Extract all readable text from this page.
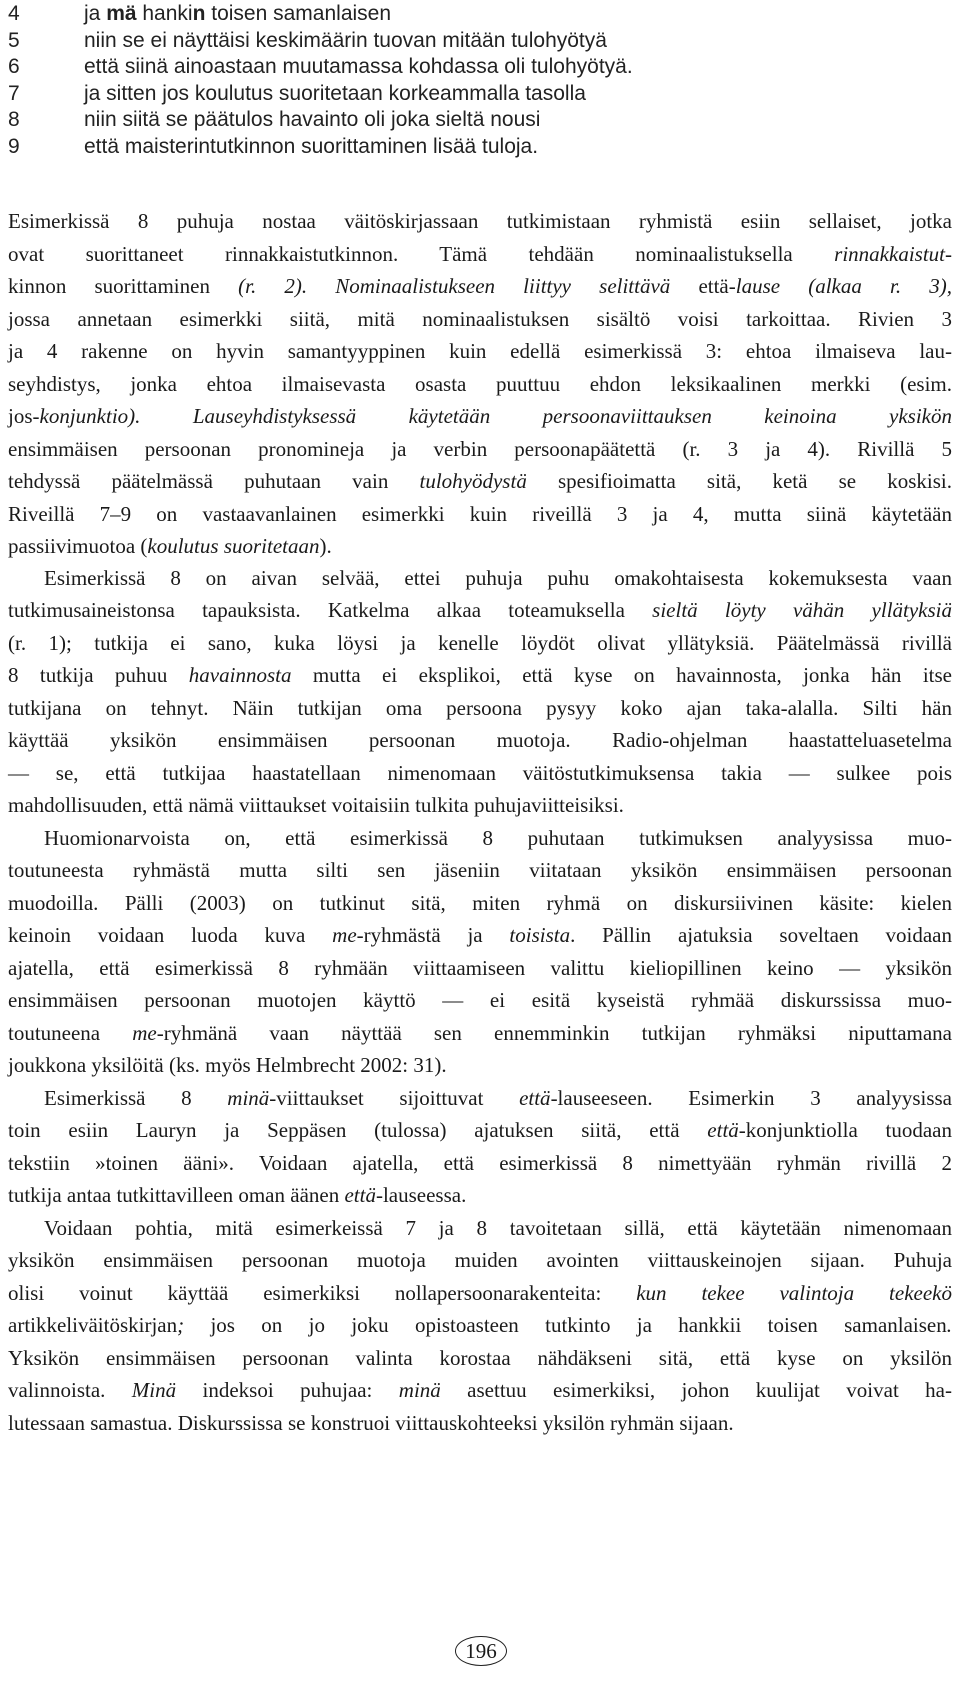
4	ja mä hankin toisen samanlaisen
5	niin se ei näyttäisi keskimäärin tuovan mitään tulohyötyä
6	että siinä ainoastaan muutamassa kohdassa oli tulohyötyä.
7	ja sitten jos koulutus suoritetaan korkeammalla tasolla
8	niin siitä se päätulos havainto oli joka sieltä nousi
9	että maisterintutkinnon suorittaminen lisää tuloja.
Esimerkissä 8 puhuja nostaa väitöskirjassaan tutkimistaan ryhmistä esiin sellaiset, jotka
ovat suorittaneet rinnakkaistutkinnon. Tämä tehdään nominaalistuksella rinnakkaistut-
kinnon suorittaminen (r. 2). Nominaalistukseen liittyy selittävä että-lause (alkaa r. 3),
jossa annetaan esimerkki siitä, mitä nominaalistuksen sisältö voisi tarkoittaa. Rivien 3
ja 4 rakenne on hyvin samantyyppinen kuin edellä esimerkissä 3: ehtoa ilmaiseva lau-
seyhdistys, jonka ehtoa ilmaisevasta osasta puuttuu ehdon leksikaalinen merkki (esim.
jos-konjunktio). Lauseyhdistyksessä käytetään persoonaviittauksen keinoina yksikön
ensimmäisen persoonan pronomineja ja verbin persoonapäätettä (r. 3 ja 4). Rivillä 5
tehdyssä päätelmässä puhutaan vain tulohyödystä spesifioimatta sitä, ketä se koskisi.
Riveillä 7–9 on vastaavanlainen esimerkki kuin riveillä 3 ja 4, mutta siinä käytetään
passiivimuotoa (koulutus suoritetaan).
Esimerkissä 8 on aivan selvää, ettei puhuja puhu omakohtaisesta kokemuksesta vaan
tutkimusaineistonsa tapauksista. Katkelma alkaa toteamuksella sieltä löyty vähän yllätyksiä
(r. 1); tutkija ei sano, kuka löysi ja kenelle löydöt olivat yllätyksiä. Päätelmässä rivillä
8 tutkija puhuu havainnosta mutta ei eksplikoi, että kyse on havainnosta, jonka hän itse
tutkijana on tehnyt. Näin tutkijan oma persoona pysyy koko ajan taka-alalla. Silti hän
käyttää yksikön ensimmäisen persoonan muotoja. Radio-ohjelman haastatteluasetelma
— se, että tutkijaa haastatellaan nimenomaan väitöstutkimuksensa takia — sulkee pois
mahdollisuuden, että nämä viittaukset voitaisiin tulkita puhujaviitteisiksi.
Huomionarvoista on, että esimerkissä 8 puhutaan tutkimuksen analyysissa muo-
toutuneesta ryhmästä mutta silti sen jäseniin viitataan yksikön ensimmäisen persoonan
muodoilla. Pälli (2003) on tutkinut sitä, miten ryhmä on diskursiivinen käsite: kielen
keinoin voidaan luoda kuva me-ryhmästä ja toisista. Pällin ajatuksia soveltaen voidaan
ajatella, että esimerkissä 8 ryhmään viittaamiseen valittu kieliopillinen keino — yksikön
ensimmäisen persoonan muotojen käyttö — ei esitä kyseistä ryhmää diskurssissa muo-
toutuneena me-ryhmänä vaan näyttää sen ennemminkin tutkijan ryhmäksi niputtamana
joukkona yksilöitä (ks. myös Helmbrecht 2002: 31).
Esimerkissä 8 minä-viittaukset sijoittuvat että-lauseeseen. Esimerkin 3 analyysissa
toin esiin Lauryn ja Seppäsen (tulossa) ajatuksen siitä, että että-konjunktiolla tuodaan
tekstiin »toinen ääni». Voidaan ajatella, että esimerkissä 8 nimettyään ryhmän rivillä 2
tutkija antaa tutkittavilleen oman äänen että-lauseessa.
Voidaan pohtia, mitä esimerkeissä 7 ja 8 tavoitetaan sillä, että käytetään nimenomaan
yksikön ensimmäisen persoonan muotoja muiden avointen viittauskeinojen sijaan. Puhuja
olisi voinut käyttää esimerkiksi nollapersoonarakenteita: kun tekee valintoja tekeekö
artikkeliväitöskirjan; jos on jo joku opistoasteen tutkinto ja hankkii toisen samanlaisen.
Yksikön ensimmäisen persoonan valinta korostaa nähdäkseni sitä, että kyse on yksilön
valinnoista. Minä indeksoi puhujaa: minä asettuu esimerkiksi, johon kuulijat voivat ha-
lutessaan samastua. Diskurssissa se konstruoi viittauskohteeksi yksilön ryhmän sijaan.
196
